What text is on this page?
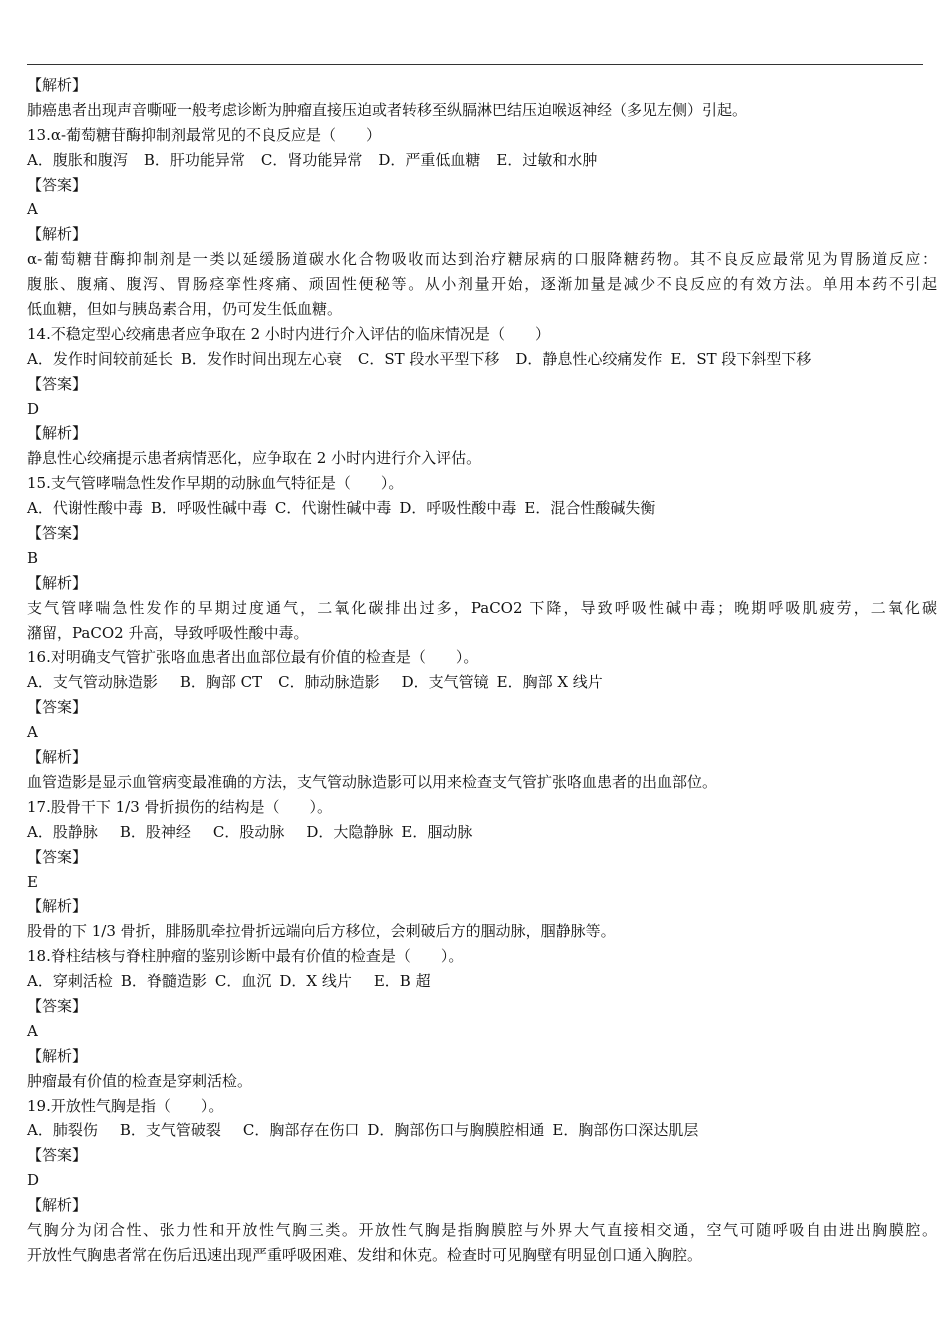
【解析】
肺癌患者出现声音嘶哑一般考虑诊断为肿瘤直接压迫或者转移至纵膈淋巴结压迫喉返神经（多见左侧）引起。
13.α-葡萄糖苷酶抑制剂最常见的不良反应是（　　）
A．腹胀和腹泻 B．肝功能异常 C．肾功能异常 D．严重低血糖 E．过敏和水肿
【答案】
A
【解析】
α-葡萄糖苷酶抑制剂是一类以延缓肠道碳水化合物吸收而达到治疗糖尿病的口服降糖药物。其不良反应最常见为胃肠道反应：
腹胀、腹痛、腹泻、胃肠痉挛性疼痛、顽固性便秘等。从小剂量开始，逐渐加量是减少不良反应的有效方法。单用本药不引起
低血糖，但如与胰岛素合用，仍可发生低血糖。
14.不稳定型心绞痛患者应争取在 2 小时内进行介入评估的临床情况是（　　）
A．发作时间较前延长 B．发作时间出现左心衰 C．ST 段水平型下移 D．静息性心绞痛发作 E．ST 段下斜型下移
【答案】
D
【解析】
静息性心绞痛提示患者病情恶化，应争取在 2 小时内进行介入评估。
15.支气管哮喘急性发作早期的动脉血气特征是（　　）。
A．代谢性酸中毒 B．呼吸性碱中毒 C．代谢性碱中毒 D．呼吸性酸中毒 E．混合性酸碱失衡
【答案】
B
【解析】
支气管哮喘急性发作的早期过度通气，二氧化碳排出过多，PaCO2 下降，导致呼吸性碱中毒；晚期呼吸肌疲劳，二氧化碳
潴留，PaCO2 升高，导致呼吸性酸中毒。
16.对明确支气管扩张咯血患者出血部位最有价值的检查是（　　）。
A．支气管动脉造影 B．胸部 CT C．肺动脉造影 D．支气管镜 E．胸部 X 线片
【答案】
A
【解析】
血管造影是显示血管病变最准确的方法，支气管动脉造影可以用来检查支气管扩张咯血患者的出血部位。
17.股骨干下 1/3 骨折损伤的结构是（　　）。
A．股静脉 B．股神经 C．股动脉 D．大隐静脉 E．腘动脉
【答案】
E
【解析】
股骨的下 1/3 骨折，腓肠肌牵拉骨折远端向后方移位，会刺破后方的腘动脉，腘静脉等。
18.脊柱结核与脊柱肿瘤的鉴别诊断中最有价值的检查是（　　）。
A．穿刺活检 B．脊髓造影 C．血沉 D．X 线片 E．B 超
【答案】
A
【解析】
肿瘤最有价值的检查是穿刺活检。
19.开放性气胸是指（　　）。
A．肺裂伤 B．支气管破裂 C．胸部存在伤口 D．胸部伤口与胸膜腔相通 E．胸部伤口深达肌层
【答案】
D
【解析】
气胸分为闭合性、张力性和开放性气胸三类。开放性气胸是指胸膜腔与外界大气直接相交通，空气可随呼吸自由进出胸膜腔。
开放性气胸患者常在伤后迅速出现严重呼吸困难、发绀和休克。检查时可见胸壁有明显创口通入胸腔。
